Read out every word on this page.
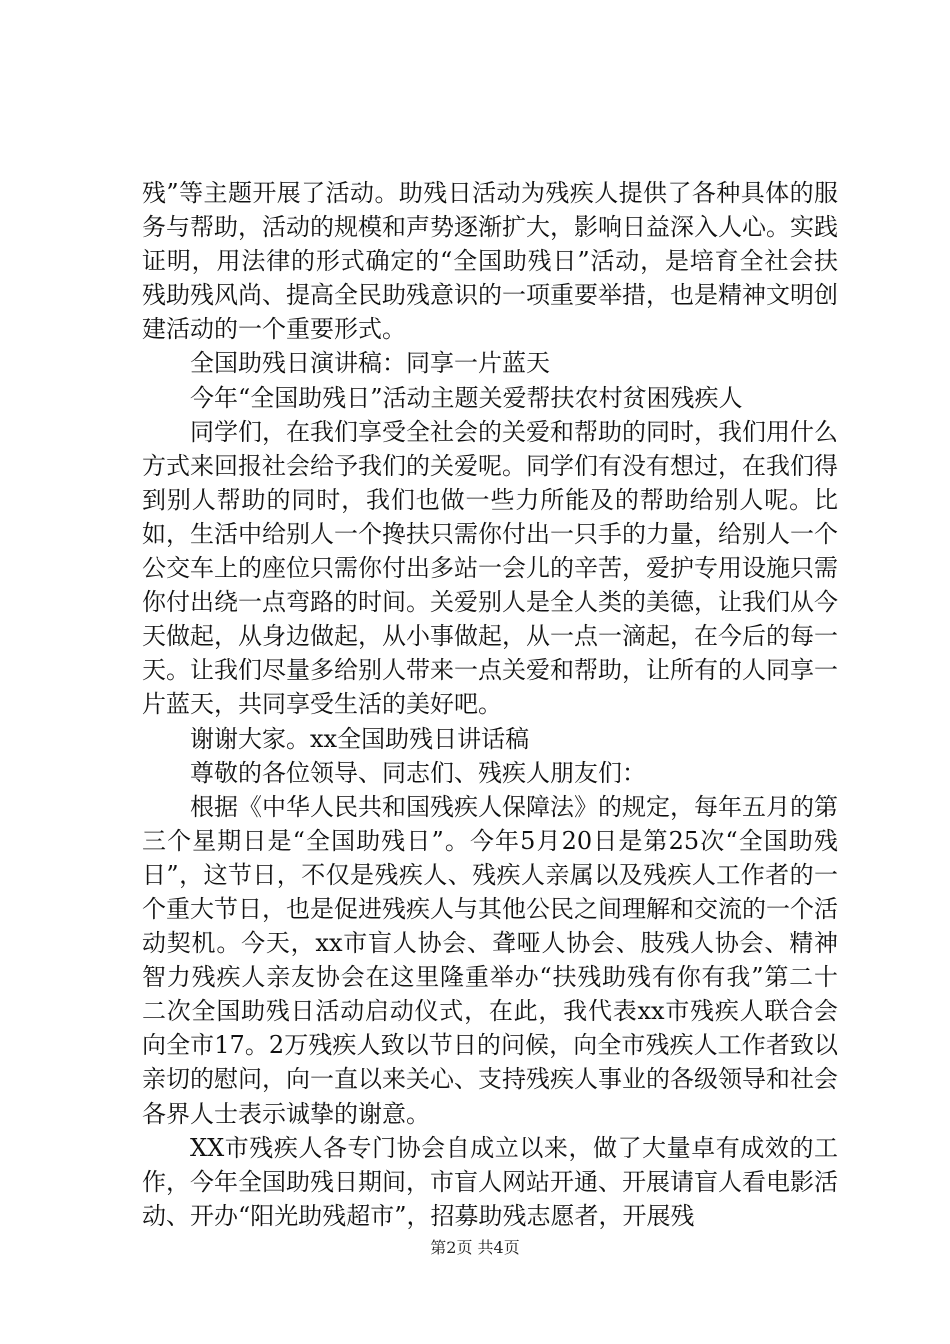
残”等主题开展了活动。助残日活动为残疾人提供了各种具体的服务与帮助，活动的规模和声势逐渐扩大，影响日益深入人心。实践证明，用法律的形式确定的“全国助残日”活动，是培育全社会扶残助残风尚、提高全民助残意识的一项重要举措，也是精神文明创建活动的一个重要形式。

全国助残日演讲稿：同享一片蓝天

今年“全国助残日”活动主题关爱帮扶农村贫困残疾人

同学们，在我们享受全社会的关爱和帮助的同时，我们用什么方式来回报社会给予我们的关爱呢。同学们有没有想过，在我们得到别人帮助的同时，我们也做一些力所能及的帮助给别人呢。比如，生活中给别人一个搀扶只需你付出一只手的力量，给别人一个公交车上的座位只需你付出多站一会儿的辛苦，爱护专用设施只需你付出绕一点弯路的时间。关爱别人是全人类的美德，让我们从今天做起，从身边做起，从小事做起，从一点一滴起，在今后的每一天。让我们尽量多给别人带来一点关爱和帮助，让所有的人同享一片蓝天，共同享受生活的美好吧。

谢谢大家。xx全国助残日讲话稿

尊敬的各位领导、同志们、残疾人朋友们：

根据《中华人民共和国残疾人保障法》的规定，每年五月的第三个星期日是“全国助残日”。今年5月20日是第25次“全国助残日”，这节日，不仅是残疾人、残疾人亲属以及残疾人工作者的一个重大节日，也是促进残疾人与其他公民之间理解和交流的一个活动契机。今天，xx市盲人协会、聋哑人协会、肢残人协会、精神智力残疾人亲友协会在这里隆重举办“扶残助残有你有我”第二十二次全国助残日活动启动仪式，在此，我代表xx市残疾人联合会向全市17。2万残疾人致以节日的问候，向全市残疾人工作者致以亲切的慰问，向一直以来关心、支持残疾人事业的各级领导和社会各界人士表示诚挚的谢意。

XX市残疾人各专门协会自成立以来，做了大量卓有成效的工作，今年全国助残日期间，市盲人网站开通、开展请盲人看电影活动、开办“阳光助残超市”，招募助残志愿者，开展残

第2页 共4页
